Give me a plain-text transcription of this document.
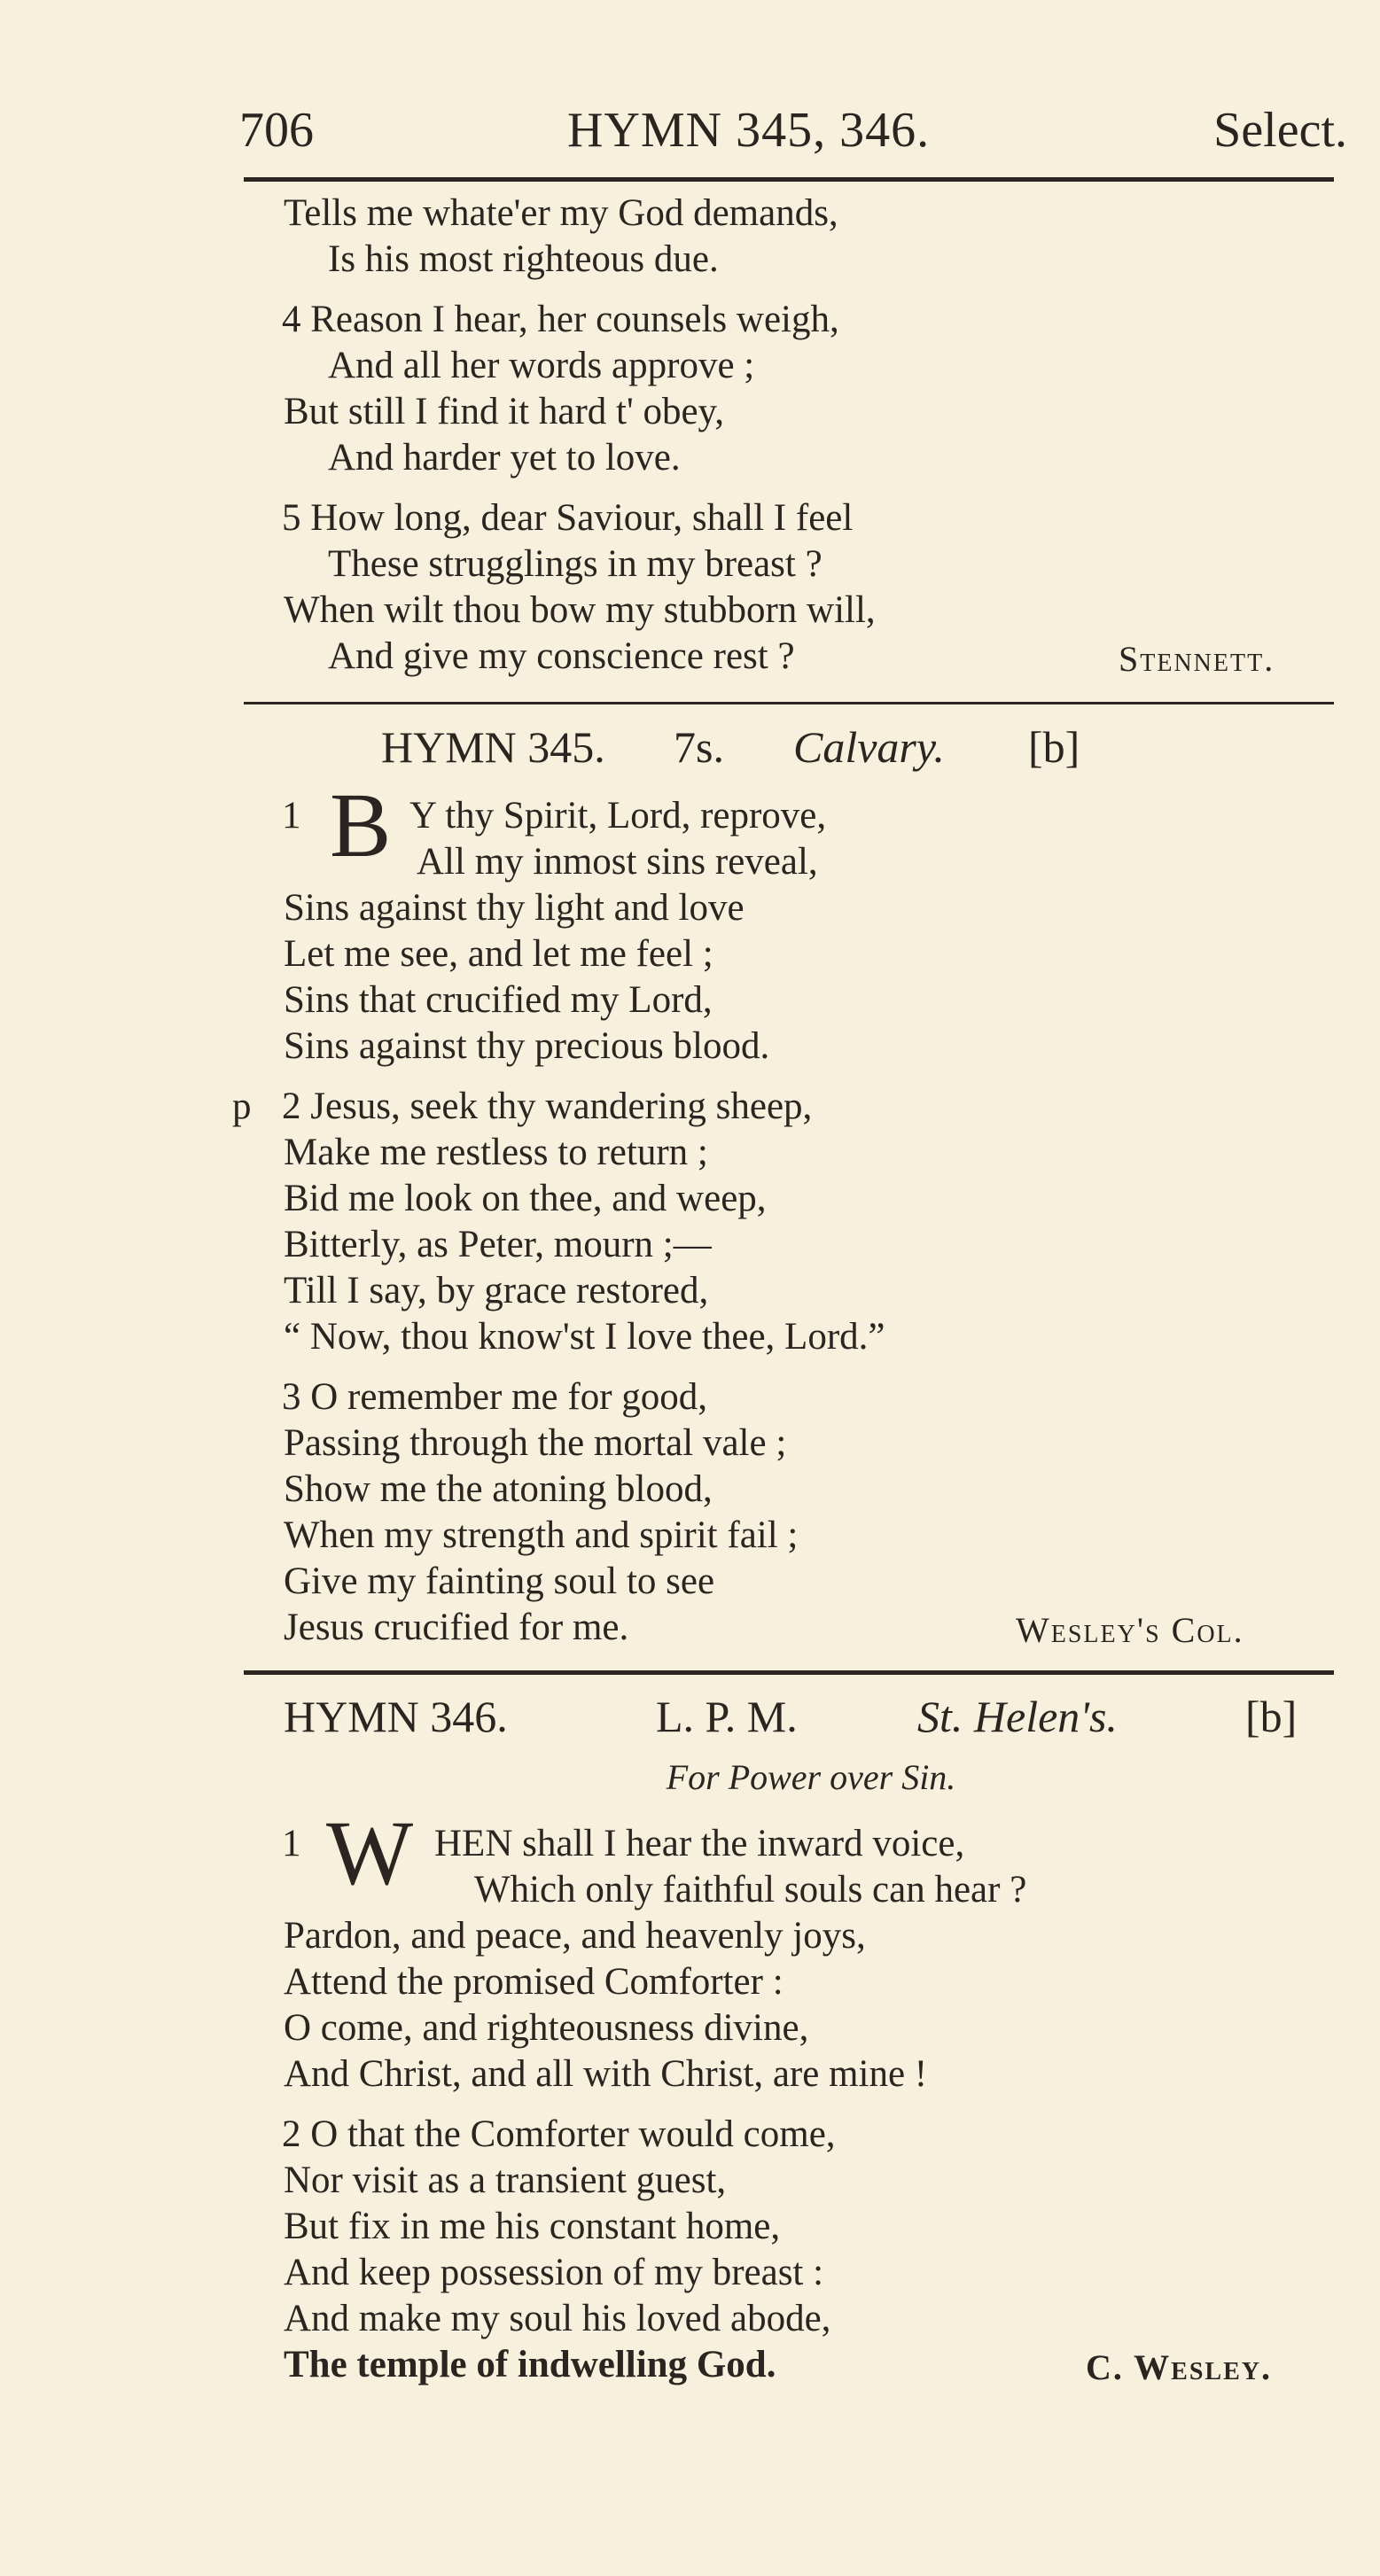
706	HYMN 345, 346.	Select.
Tells me whate'er my God demands,
Is his most righteous due.
4 Reason I hear, her counsels weigh,
And all her words approve ;
But still I find it hard t' obey,
And harder yet to love.
5 How long, dear Saviour, shall I feel
These strugglings in my breast ?
When wilt thou bow my stubborn will,
And give my conscience rest ?	Stennett.
HYMN 345. 7s. Calvary. [b]
1 B Y thy Spirit, Lord, reprove,
All my inmost sins reveal,
Sins against thy light and love
Let me see, and let me feel ;
Sins that crucified my Lord,
Sins against thy precious blood.
p 2 Jesus, seek thy wandering sheep,
Make me restless to return ;
Bid me look on thee, and weep,
Bitterly, as Peter, mourn ;—
Till I say, by grace restored,
“ Now, thou know'st I love thee, Lord.”
3 O remember me for good,
Passing through the mortal vale ;
Show me the atoning blood,
When my strength and spirit fail ;
Give my fainting soul to see
Jesus crucified for me.	Wesley's Col.
HYMN 346.	L. P. M.	St. Helen's.	[b]
For Power over Sin.
1 W HEN shall I hear the inward voice,
Which only faithful souls can hear ?
Pardon, and peace, and heavenly joys,
Attend the promised Comforter :
O come, and righteousness divine,
And Christ, and all with Christ, are mine !
2 O that the Comforter would come,
Nor visit as a transient guest,
But fix in me his constant home,
And keep possession of my breast :
And make my soul his loved abode,
The temple of indwelling God.	C. Wesley.
